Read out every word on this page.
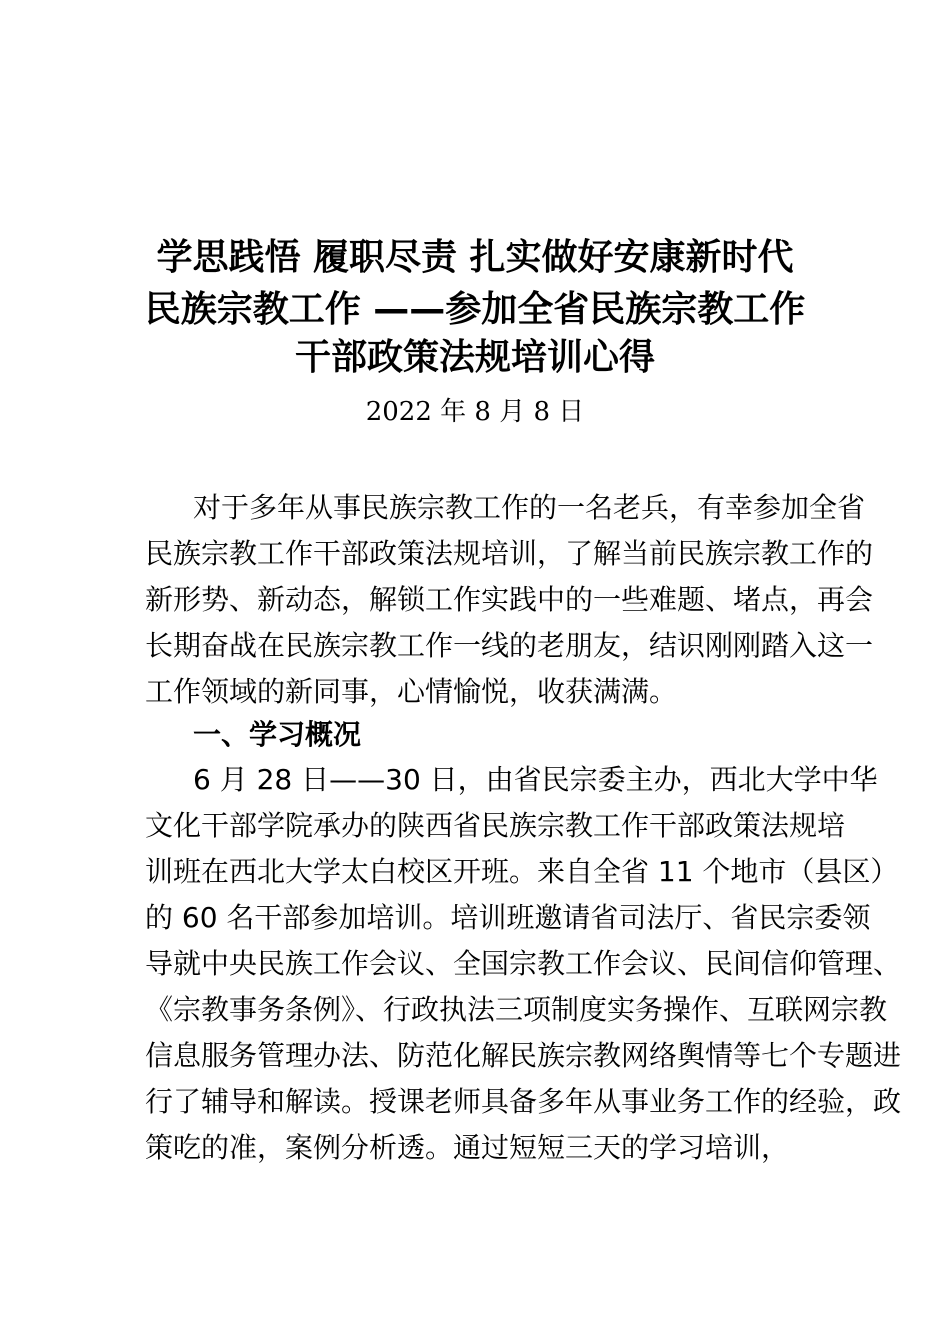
学思践悟 履职尽责 扎实做好安康新时代
民族宗教工作 ——参加全省民族宗教工作
干部政策法规培训心得
2022 年 8 月 8 日
对于多年从事民族宗教工作的一名老兵，有幸参加全省
民族宗教工作干部政策法规培训，了解当前民族宗教工作的
新形势、新动态，解锁工作实践中的一些难题、堵点，再会
长期奋战在民族宗教工作一线的老朋友，结识刚刚踏入这一
工作领域的新同事，心情愉悦，收获满满。
一、学习概况
6 月 28 日——30 日，由省民宗委主办，西北大学中华
文化干部学院承办的陕西省民族宗教工作干部政策法规培
训班在西北大学太白校区开班。来自全省 11 个地市（县区）
的 60 名干部参加培训。培训班邀请省司法厅、省民宗委领
导就中央民族工作会议、全国宗教工作会议、民间信仰管理、
《宗教事务条例》、行政执法三项制度实务操作、互联网宗教
信息服务管理办法、防范化解民族宗教网络舆情等七个专题进
行了辅导和解读。授课老师具备多年从事业务工作的经验，政
策吃的准，案例分析透。通过短短三天的学习培训，
